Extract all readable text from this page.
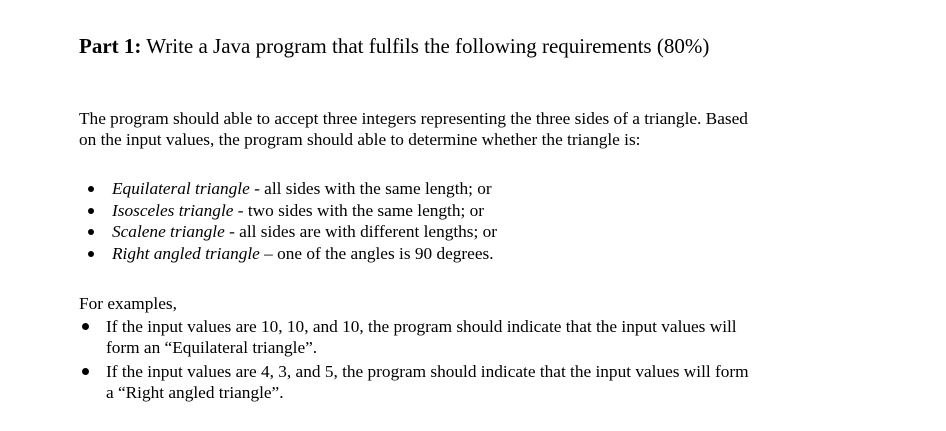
Part 1: Write a Java program that fulfils the following requirements (80%)

The program should able to accept three integers representing the three sides of a triangle. Based

on the input values, the program should able to determine whether the triangle is:

Equilateral triangle - all sides with the same length; or
Isosceles triangle - two sides with the same length; or
Scalene triangle - all sides are with different lengths; or
Right angled triangle – one of the angles is 90 degrees.
For examples,
If the input values are 10, 10, and 10, the program should indicate that the input values will
form an “Equilateral triangle”.
If the input values are 4, 3, and 5, the program should indicate that the input values will form
a “Right angled triangle”.
